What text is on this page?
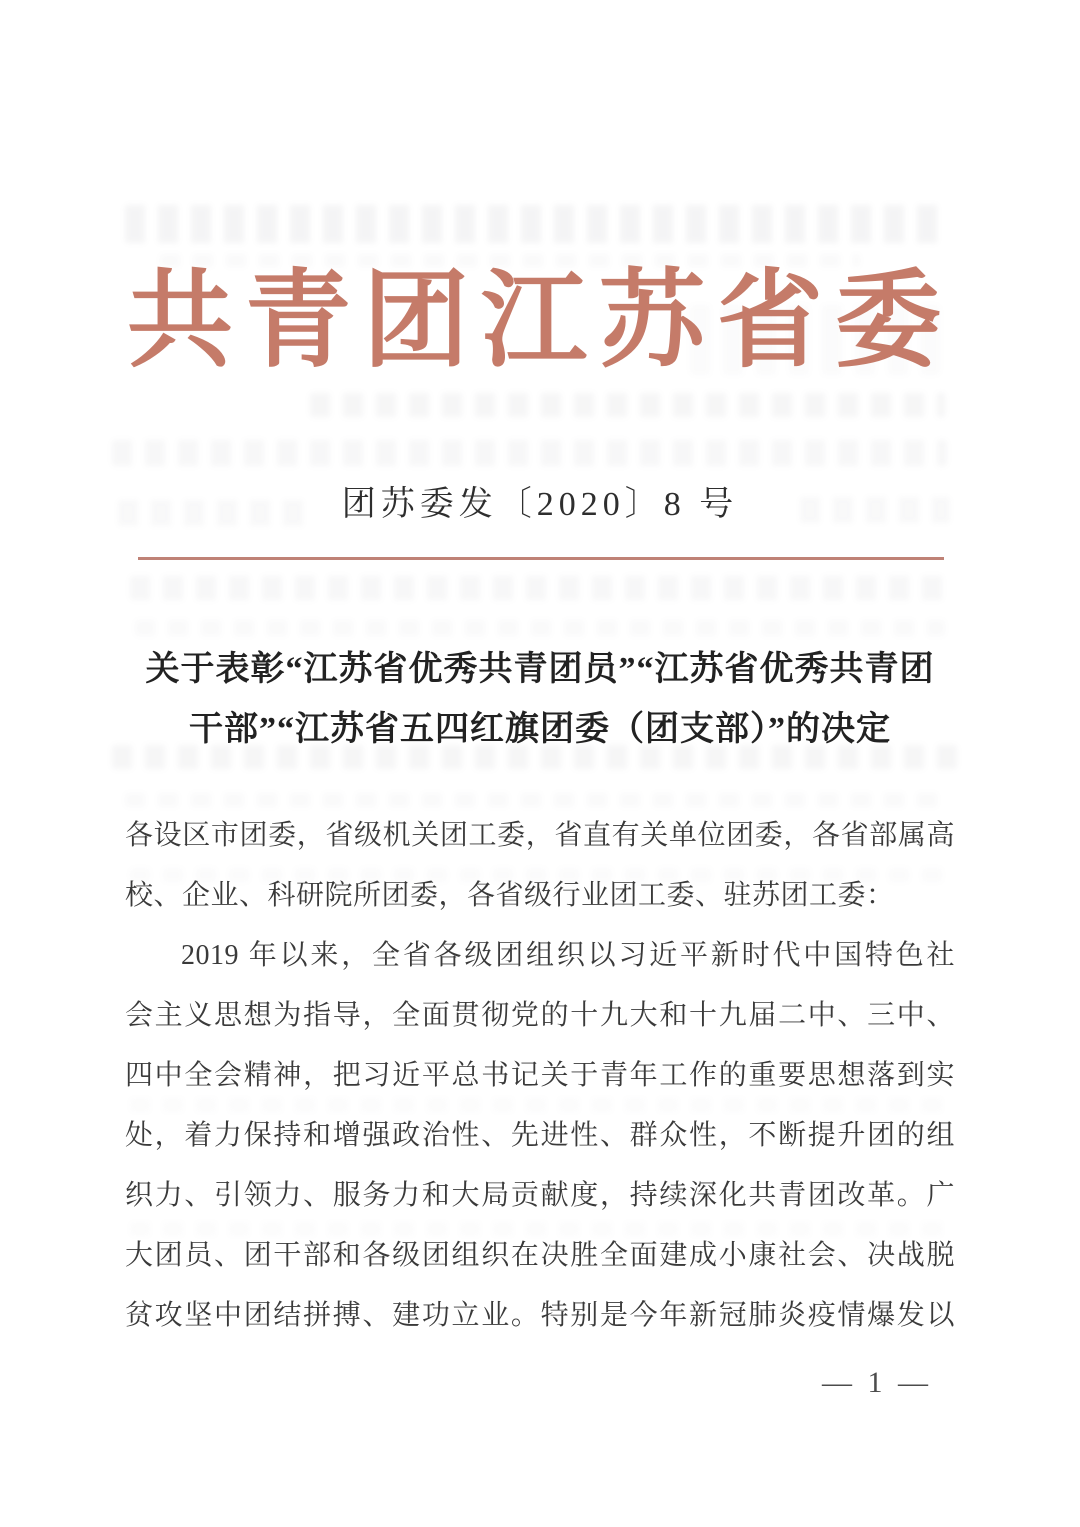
共青团江苏省委
团苏委发〔2020〕8 号
关于表彰“江苏省优秀共青团员”“江苏省优秀共青团
干部”“江苏省五四红旗团委（团支部）”的决定
各设区市团委，省级机关团工委，省直有关单位团委，各省部属高
校、企业、科研院所团委，各省级行业团工委、驻苏团工委：
2019 年以来，全省各级团组织以习近平新时代中国特色社
会主义思想为指导，全面贯彻党的十九大和十九届二中、三中、
四中全会精神，把习近平总书记关于青年工作的重要思想落到实
处，着力保持和增强政治性、先进性、群众性，不断提升团的组
织力、引领力、服务力和大局贡献度，持续深化共青团改革。广
大团员、团干部和各级团组织在决胜全面建成小康社会、决战脱
贫攻坚中团结拼搏、建功立业。特别是今年新冠肺炎疫情爆发以
— 1 —
